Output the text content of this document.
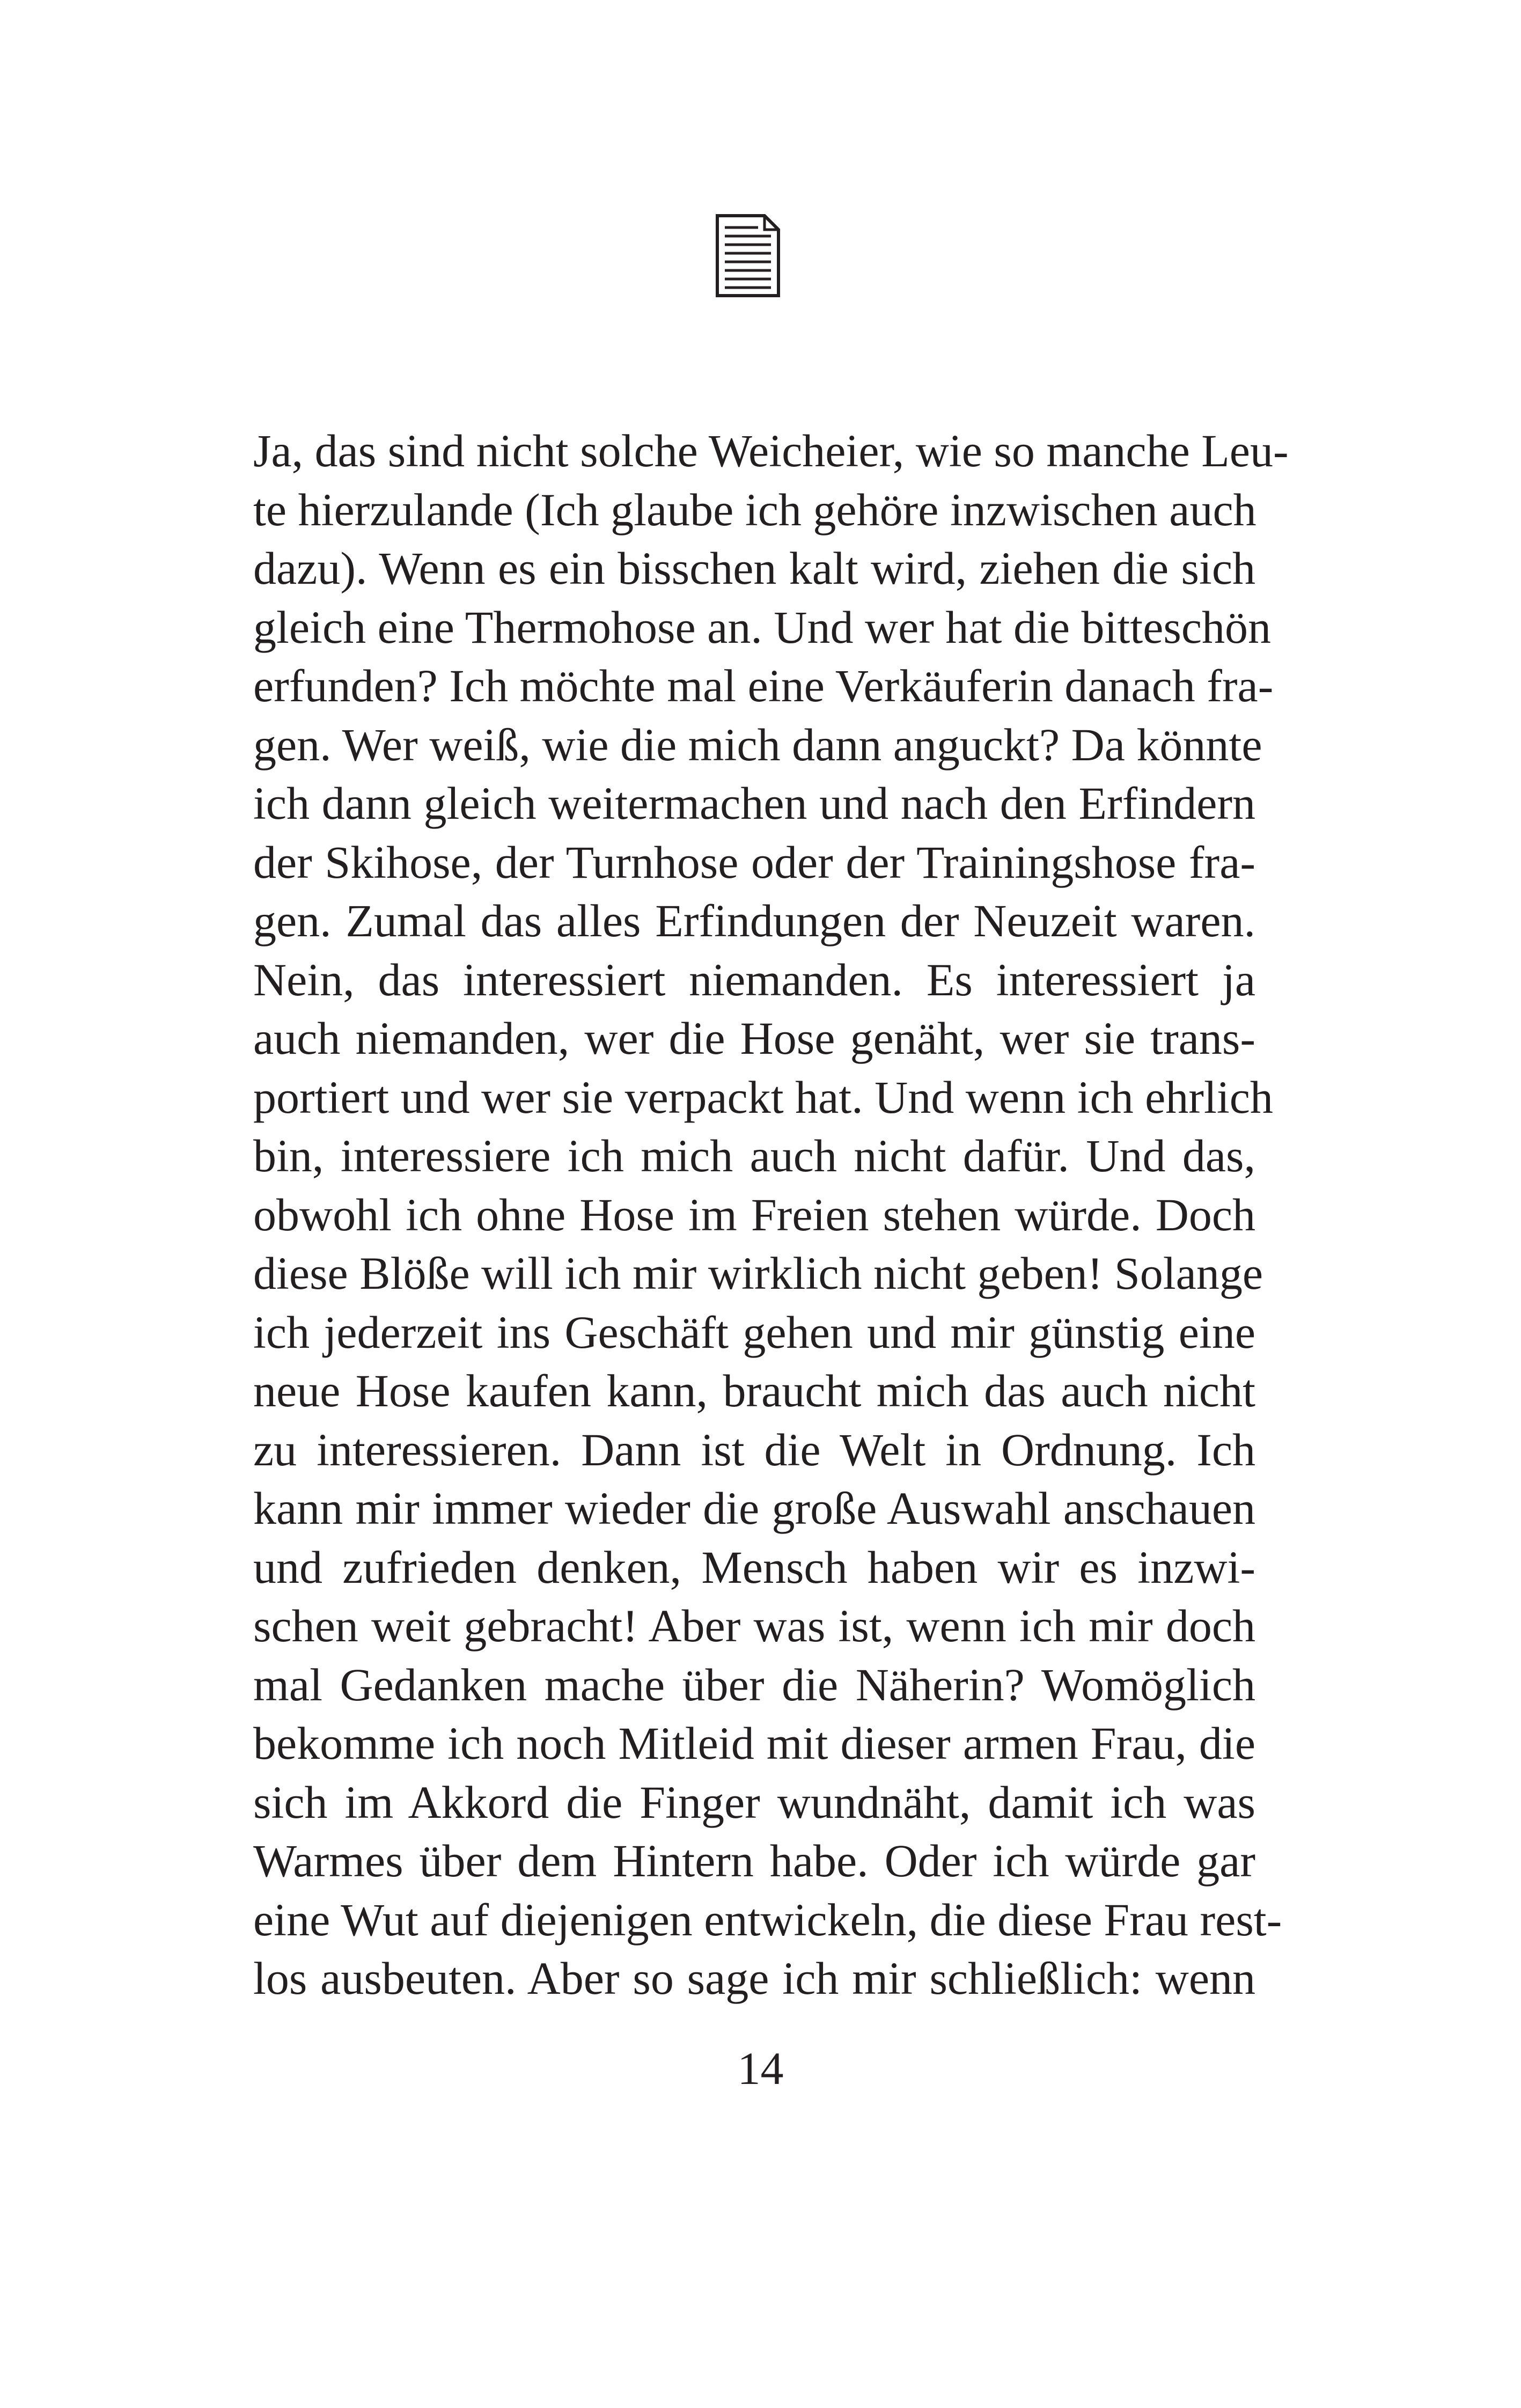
Ja, das sind nicht solche Weicheier, wie so manche Leu-
te hierzulande (Ich glaube ich gehöre inzwischen auch
dazu). Wenn es ein bisschen kalt wird, ziehen die sich
gleich eine Thermohose an. Und wer hat die bitteschön
erfunden? Ich möchte mal eine Verkäuferin danach fra-
gen. Wer weiß, wie die mich dann anguckt? Da könnte
ich dann gleich weitermachen und nach den Erfindern
der Skihose, der Turnhose oder der Trainingshose fra-
gen. Zumal das alles Erfindungen der Neuzeit waren.
Nein, das interessiert niemanden. Es interessiert ja
auch niemanden, wer die Hose genäht, wer sie trans-
portiert und wer sie verpackt hat. Und wenn ich ehrlich
bin, interessiere ich mich auch nicht dafür. Und das,
obwohl ich ohne Hose im Freien stehen würde. Doch
diese Blöße will ich mir wirklich nicht geben! Solange
ich jederzeit ins Geschäft gehen und mir günstig eine
neue Hose kaufen kann, braucht mich das auch nicht
zu interessieren. Dann ist die Welt in Ordnung. Ich
kann mir immer wieder die große Auswahl anschauen
und zufrieden denken, Mensch haben wir es inzwi-
schen weit gebracht! Aber was ist, wenn ich mir doch
mal Gedanken mache über die Näherin? Womöglich
bekomme ich noch Mitleid mit dieser armen Frau, die
sich im Akkord die Finger wundnäht, damit ich was
Warmes über dem Hintern habe. Oder ich würde gar
eine Wut auf diejenigen entwickeln, die diese Frau rest-
los ausbeuten. Aber so sage ich mir schließlich: wenn
14
